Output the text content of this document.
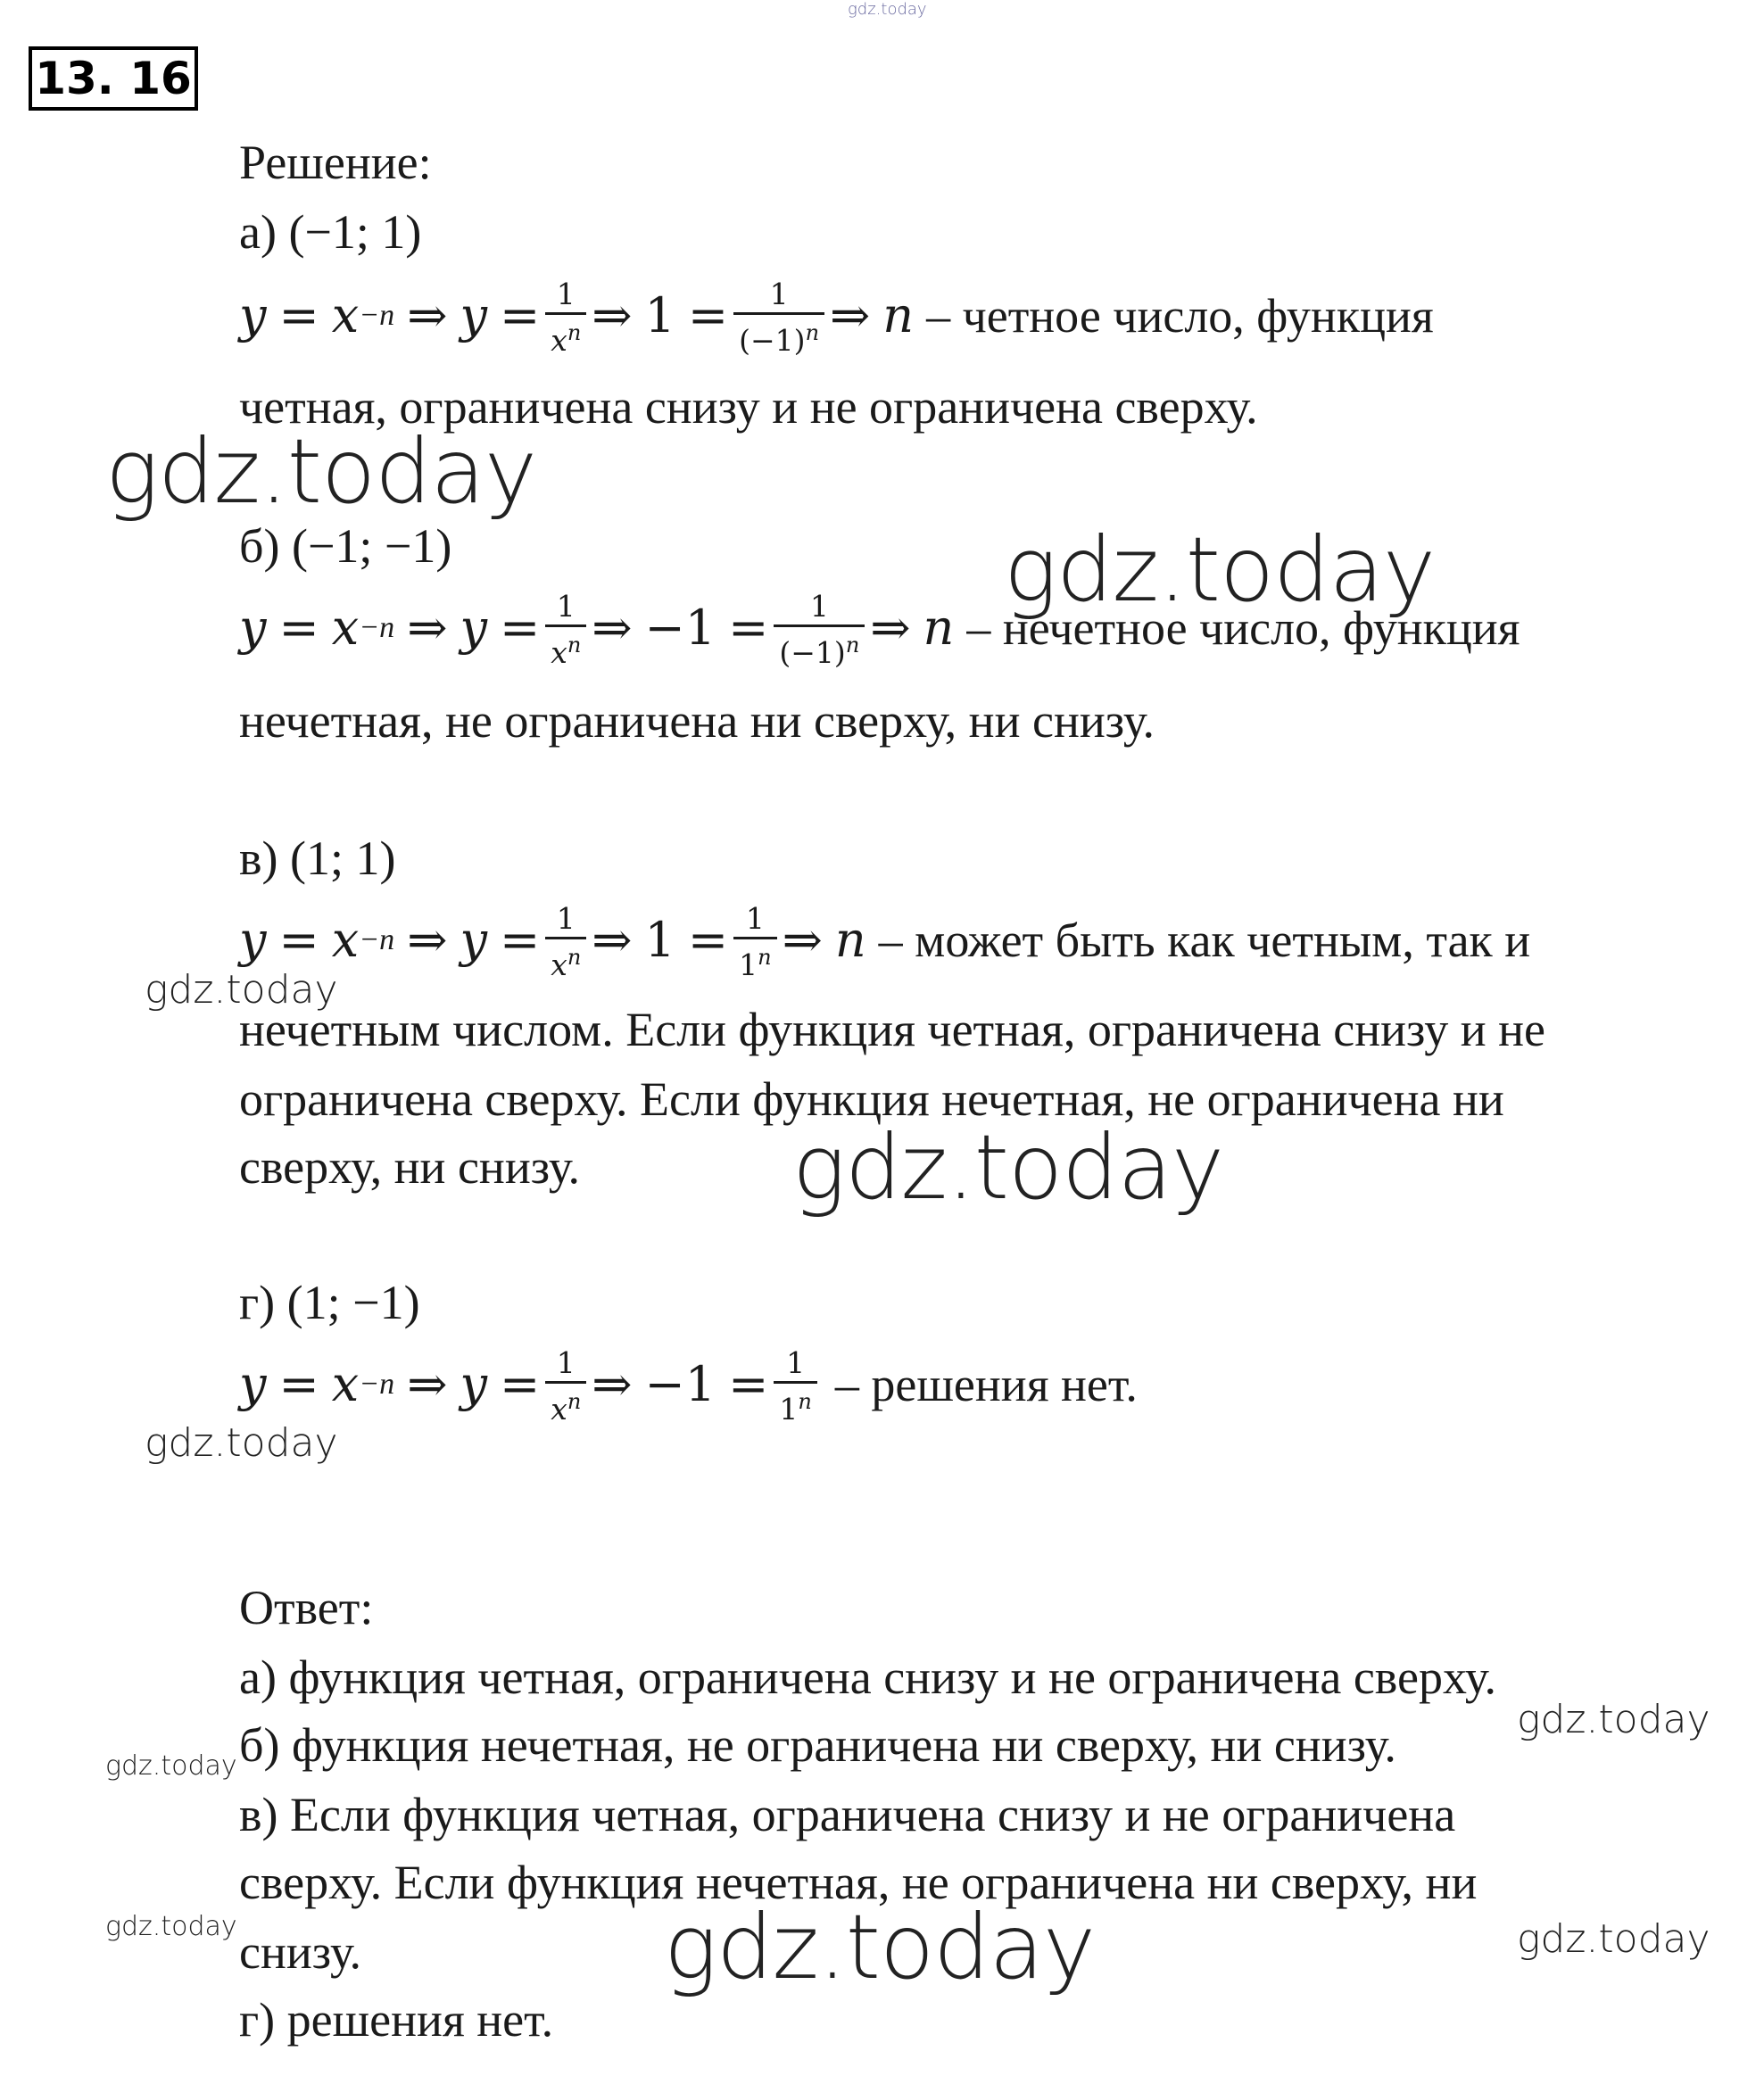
gdz.today
13. 16
Решение:
а) (−1; 1)
y = x −n ⇒ $y = \frac{1}{x^n}$ ⇒ $1 = \frac{1}{(-1)^n}$ ⇒ n – четное число, функция
четная, ограничена снизу и не ограничена сверху.
gdz.today
б) (−1; −1)	gdz.today
y = x −n ⇒ $y = \frac{1}{x^n}$ ⇒ $-1 = \frac{1}{(-1)^n}$ ⇒ n – нечетное число, функция
нечетная, не ограничена ни сверху, ни снизу.
в) (1; 1)
y = x −n ⇒ $y = \frac{1}{x^n}$ ⇒ $1 = \frac{1}{1^n}$ ⇒ n – может быть как четным, так и
gdz.today
нечетным числом. Если функция четная, ограничена снизу и не
ограничена сверху. Если функция нечетная, не ограничена ни
сверху, ни снизу. gdz.today
г) (1; −1)
y = x −n ⇒ $y = \frac{1}{x^n}$ ⇒ $-1 = \frac{1}{1^n}$ – решения нет.
gdz.today
Ответ:
а) функция четная, ограничена снизу и не ограничена сверху.
gdz.today
б) функция нечетная, не ограничена ни сверху, ни снизу.
gdz.today
в) Если функция четная, ограничена снизу и не ограничена
сверху. Если функция нечетная, не ограничена ни сверху, ни
gdz.today снизу.	gdz.today	gdz.today
г) решения нет.
